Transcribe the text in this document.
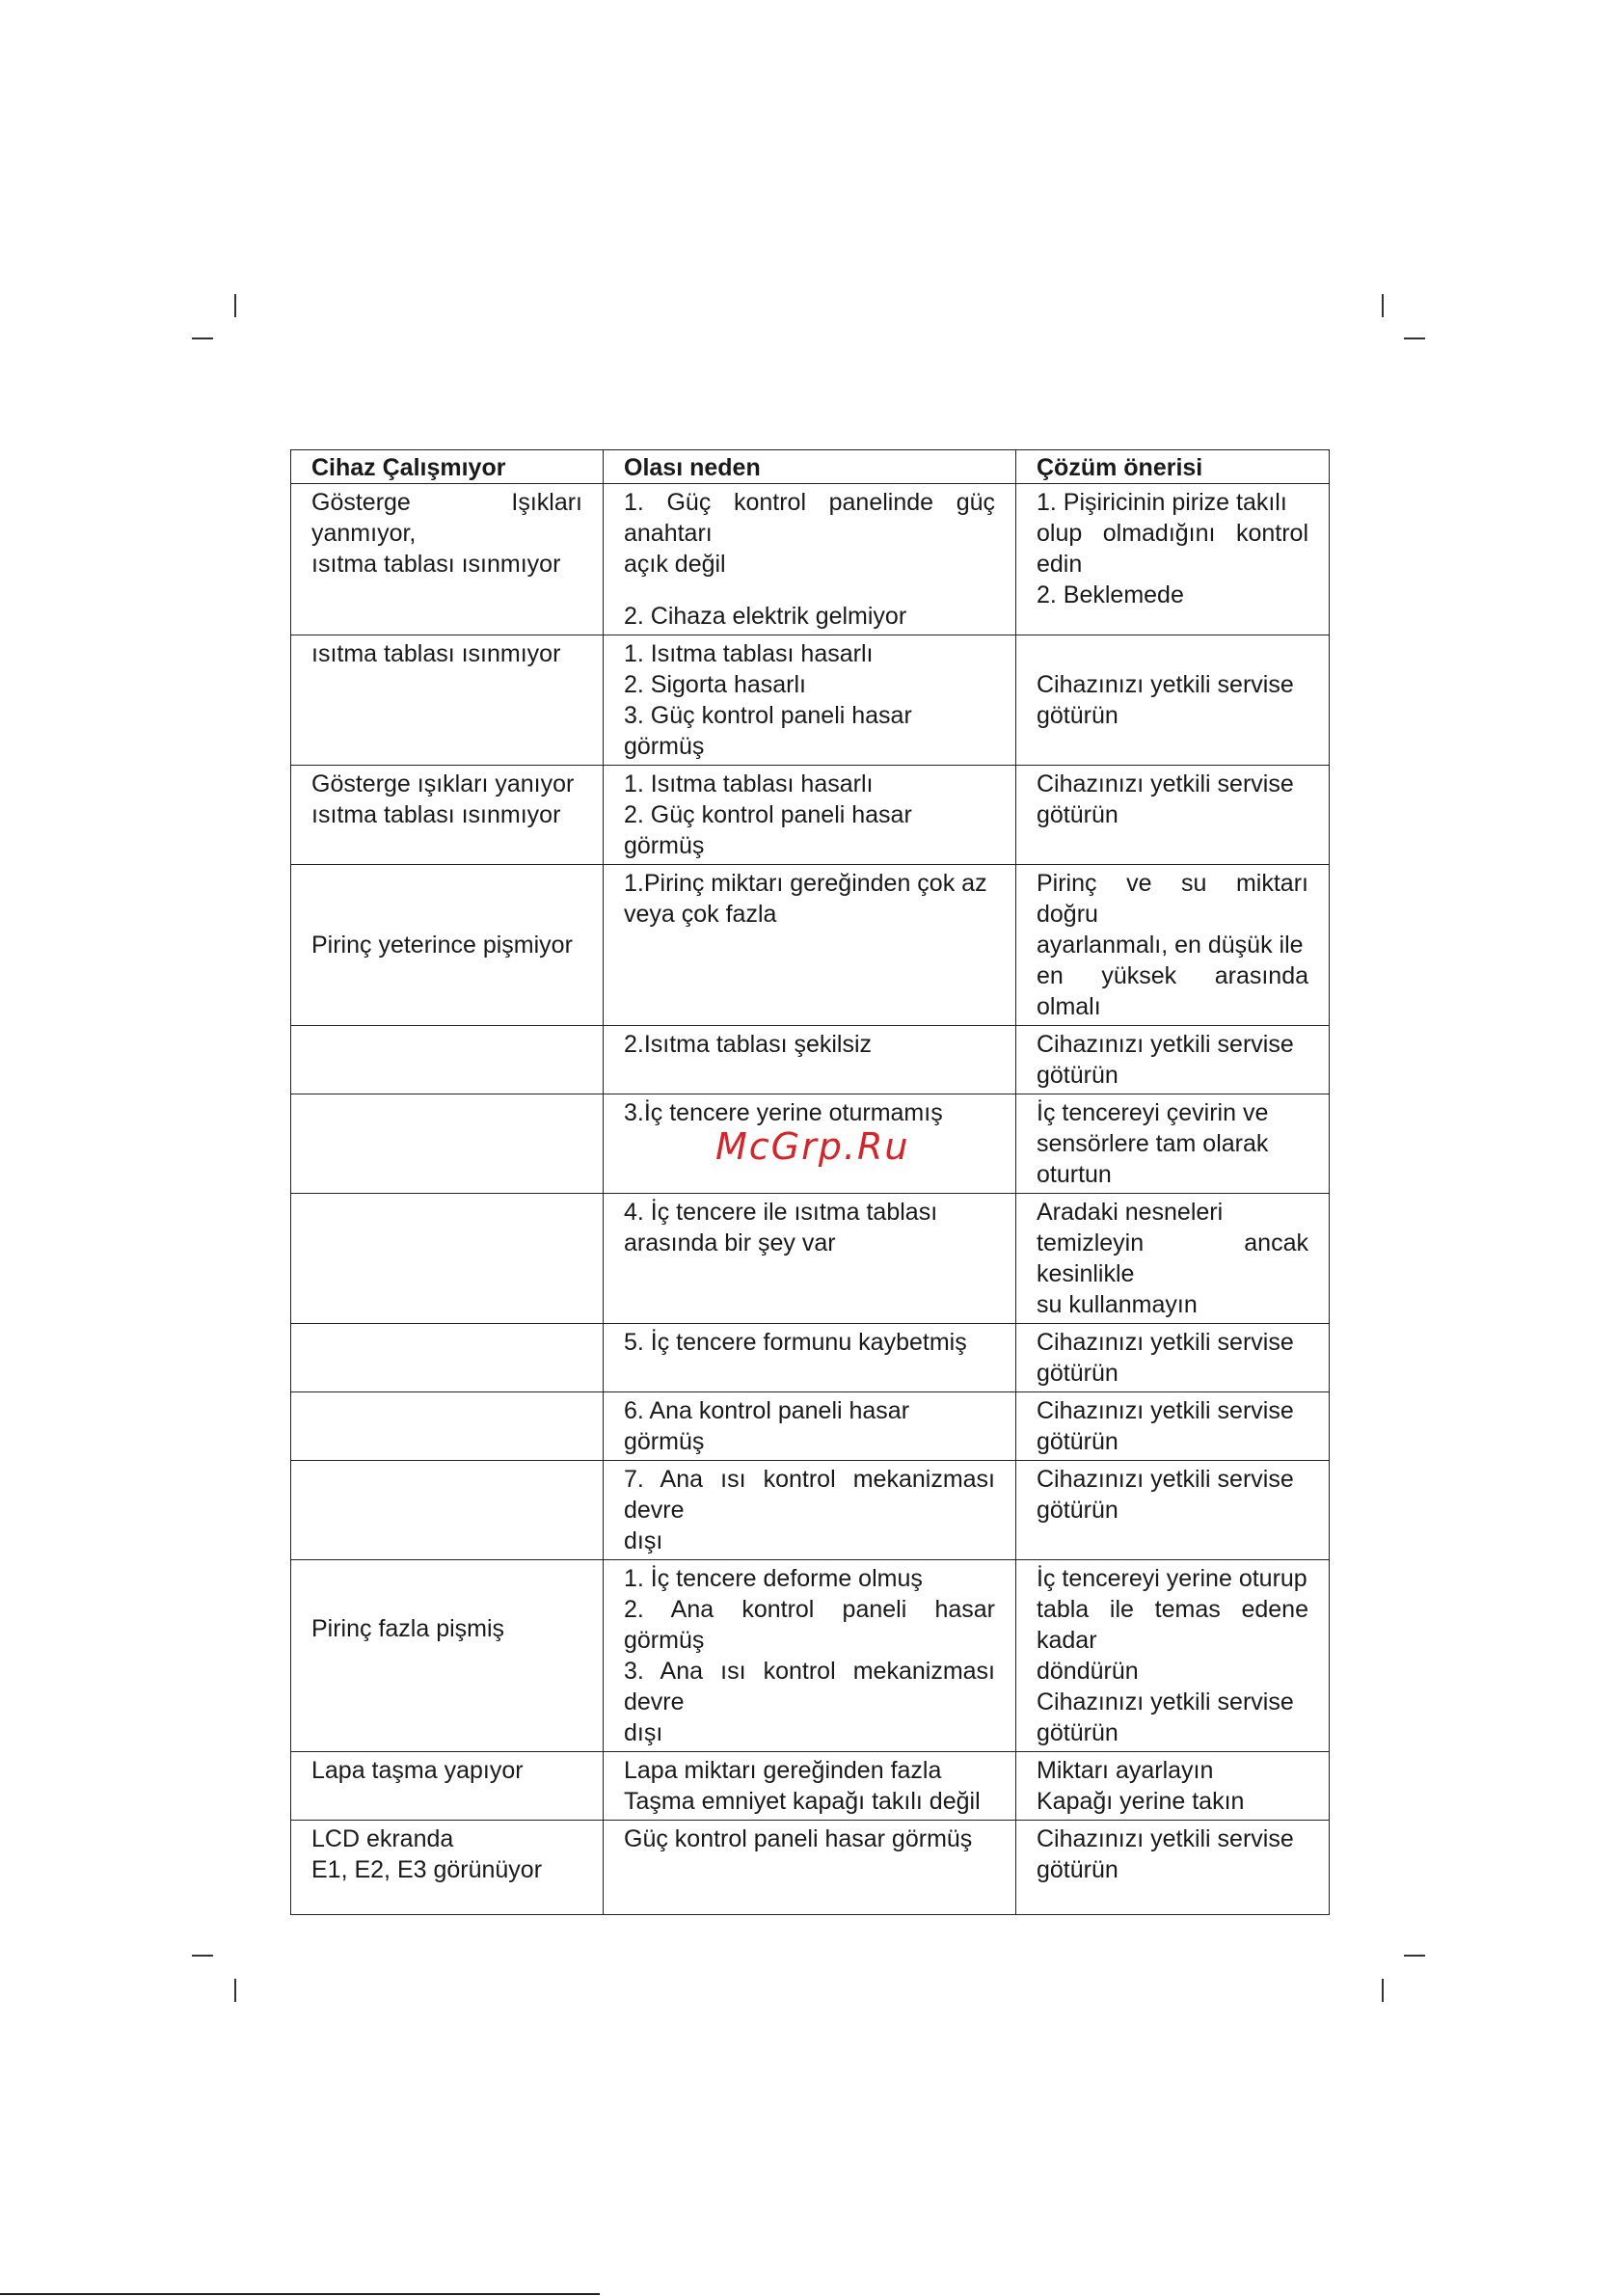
Cihaz Çalışmıyor	Olası neden	Çözüm önerisi

Gösterge Işıkları yanmıyor,
ısıtma tablası ısınmıyor	1. Güç kontrol panelinde güç anahtarı
açık değil
2. Cihaza elektrik gelmiyor	1. Pişiricinin pirize takılı
olup olmadığını kontrol edin
2. Beklemede

ısıtma tablası ısınmıyor	1. Isıtma tablası hasarlı
2. Sigorta hasarlı
3. Güç kontrol paneli hasar görmüş	Cihazınızı yetkili servise
götürün

Gösterge ışıkları yanıyor
ısıtma tablası ısınmıyor	1. Isıtma tablası hasarlı
2. Güç kontrol paneli hasar görmüş	Cihazınızı yetkili servise
götürün

Pirinç yeterince pişmiyor	1.Pirinç miktarı gereğinden çok az
veya çok fazla	Pirinç ve su miktarı doğru
ayarlanmalı, en düşük ile
en yüksek arasında olmalı

	2.Isıtma tablası şekilsiz	Cihazınızı yetkili servise
götürün

	3.İç tencere yerine oturmamış	İç tencereyi çevirin ve
sensörlere tam olarak
oturtun

	4. İç tencere ile ısıtma tablası
arasında bir şey var	Aradaki nesneleri
temizleyin ancak kesinlikle
su kullanmayın

	5. İç tencere formunu kaybetmiş	Cihazınızı yetkili servise
götürün

	6. Ana kontrol paneli hasar görmüş	Cihazınızı yetkili servise
götürün

	7. Ana ısı kontrol mekanizması devre
dışı	Cihazınızı yetkili servise
götürün

Pirinç fazla pişmiş	1. İç tencere deforme olmuş
2. Ana kontrol paneli hasar görmüş
3. Ana ısı kontrol mekanizması devre
dışı	İç tencereyi yerine oturup
tabla ile temas edene kadar
döndürün
Cihazınızı yetkili servise
götürün

Lapa taşma yapıyor	Lapa miktarı gereğinden fazla
Taşma emniyet kapağı takılı değil	Miktarı ayarlayın
Kapağı yerine takın

LCD ekranda
E1, E2, E3 görünüyor	Güç kontrol paneli hasar görmüş	Cihazınızı yetkili servise
götürün
McGrp.Ru
